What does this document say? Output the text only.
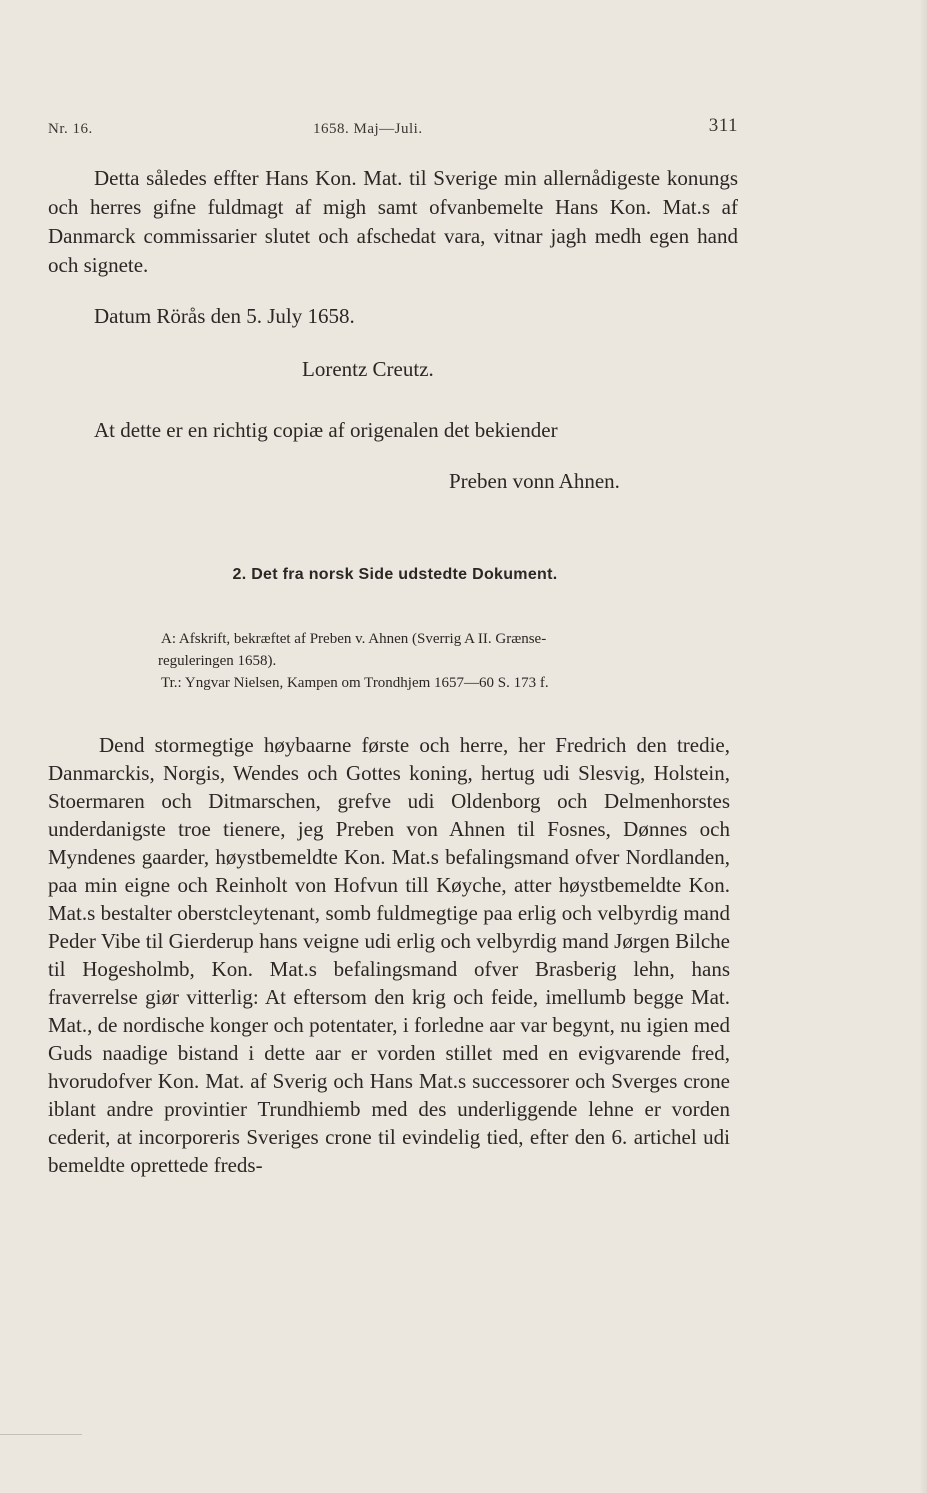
Nr. 16.	1658. Maj—Juli.	311

Detta således effter Hans Kon. Mat. til Sverige min allernådigeste konungs och herres gifne fuldmagt af migh samt ofvanbemelte Hans Kon. Mat.s af Danmarck commissarier slutet och afschedat vara, vitnar jagh medh egen hand och signete.

Datum Rörås den 5. July 1658.
Lorentz Creutz.
At dette er en richtig copiæ af origenalen det bekiender
Preben vonn Ahnen.
2. Det fra norsk Side udstedte Dokument.
A: Afskrift, bekræftet af Preben v. Ahnen (Sverrig A II. Grænse-
reguleringen 1658).
Tr.: Yngvar Nielsen, Kampen om Trondhjem 1657—60 S. 173 f.

Dend stormegtige høybaarne første och herre, her Fredrich den tredie, Danmarckis, Norgis, Wendes och Gottes koning, hertug udi Slesvig, Holstein, Stoermaren och Ditmarschen, grefve udi Oldenborg och Delmenhorstes underdanigste troe tienere, jeg Preben von Ahnen til Fosnes, Dønnes och Myndenes gaarder, høystbemeldte Kon. Mat.s befalingsmand ofver Nordlanden, paa min eigne och Reinholt von Hofvun till Køyche, atter høystbemeldte Kon. Mat.s bestalter oberstcleytenant, somb fuldmegtige paa erlig och velbyrdig mand Peder Vibe til Gierderup hans veigne udi erlig och velbyrdig mand Jørgen Bilche til Hogesholmb, Kon. Mat.s befalingsmand ofver Brasberig lehn, hans fraverrelse giør vitterlig: At eftersom den krig och feide, imellumb begge Mat. Mat., de nordische konger och potentater, i forledne aar var begynt, nu igien med Guds naadige bistand i dette aar er vorden stillet med en evigvarende fred, hvorudofver Kon. Mat. af Sverig och Hans Mat.s successorer och Sverges crone iblant andre provintier Trundhiemb med des underliggende lehne er vorden cederit, at incorporeris Sveriges crone til evindelig tied, efter den 6. artichel udi bemeldte oprettede freds-
